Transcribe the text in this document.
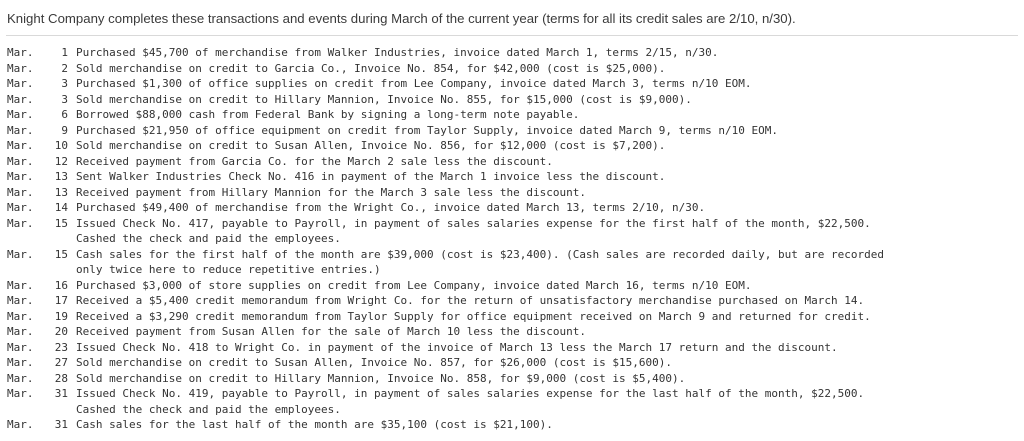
Knight Company completes these transactions and events during March of the current year (terms for all its credit sales are 2/10, n/30).
Mar.	1 Purchased $45,700 of merchandise from Walker Industries, invoice dated March 1, terms 2/15, n/30.
Mar.	2 Sold merchandise on credit to Garcia Co., Invoice No. 854, for $42,000 (cost is $25,000).
Mar.	3 Purchased $1,300 of office supplies on credit from Lee Company, invoice dated March 3, terms n/10 EOM.
Mar.	3 Sold merchandise on credit to Hillary Mannion, Invoice No. 855, for $15,000 (cost is $9,000).
Mar.	6 Borrowed $88,000 cash from Federal Bank by signing a long-term note payable.
Mar.	9 Purchased $21,950 of office equipment on credit from Taylor Supply, invoice dated March 9, terms n/10 EOM.
Mar.	10 Sold merchandise on credit to Susan Allen, Invoice No. 856, for $12,000 (cost is $7,200).
Mar.	12 Received payment from Garcia Co. for the March 2 sale less the discount.
Mar.	13 Sent Walker Industries Check No. 416 in payment of the March 1 invoice less the discount.
Mar.	13 Received payment from Hillary Mannion for the March 3 sale less the discount.
Mar.	14 Purchased $49,400 of merchandise from the Wright Co., invoice dated March 13, terms 2/10, n/30.
Mar.	15 Issued Check No. 417, payable to Payroll, in payment of sales salaries expense for the first half of the month, $22,500.
Cashed the check and paid the employees.
Mar.	15 Cash sales for the first half of the month are $39,000 (cost is $23,400). (Cash sales are recorded daily, but are recorded
only twice here to reduce repetitive entries.)
Mar.	16 Purchased $3,000 of store supplies on credit from Lee Company, invoice dated March 16, terms n/10 EOM.
Mar.	17 Received a $5,400 credit memorandum from Wright Co. for the return of unsatisfactory merchandise purchased on March 14.
Mar.	19 Received a $3,290 credit memorandum from Taylor Supply for office equipment received on March 9 and returned for credit.
Mar.	20 Received payment from Susan Allen for the sale of March 10 less the discount.
Mar.	23 Issued Check No. 418 to Wright Co. in payment of the invoice of March 13 less the March 17 return and the discount.
Mar.	27 Sold merchandise on credit to Susan Allen, Invoice No. 857, for $26,000 (cost is $15,600).
Mar.	28 Sold merchandise on credit to Hillary Mannion, Invoice No. 858, for $9,000 (cost is $5,400).
Mar.	31 Issued Check No. 419, payable to Payroll, in payment of sales salaries expense for the last half of the month, $22,500.
Cashed the check and paid the employees.
Mar.	31 Cash sales for the last half of the month are $35,100 (cost is $21,100).
